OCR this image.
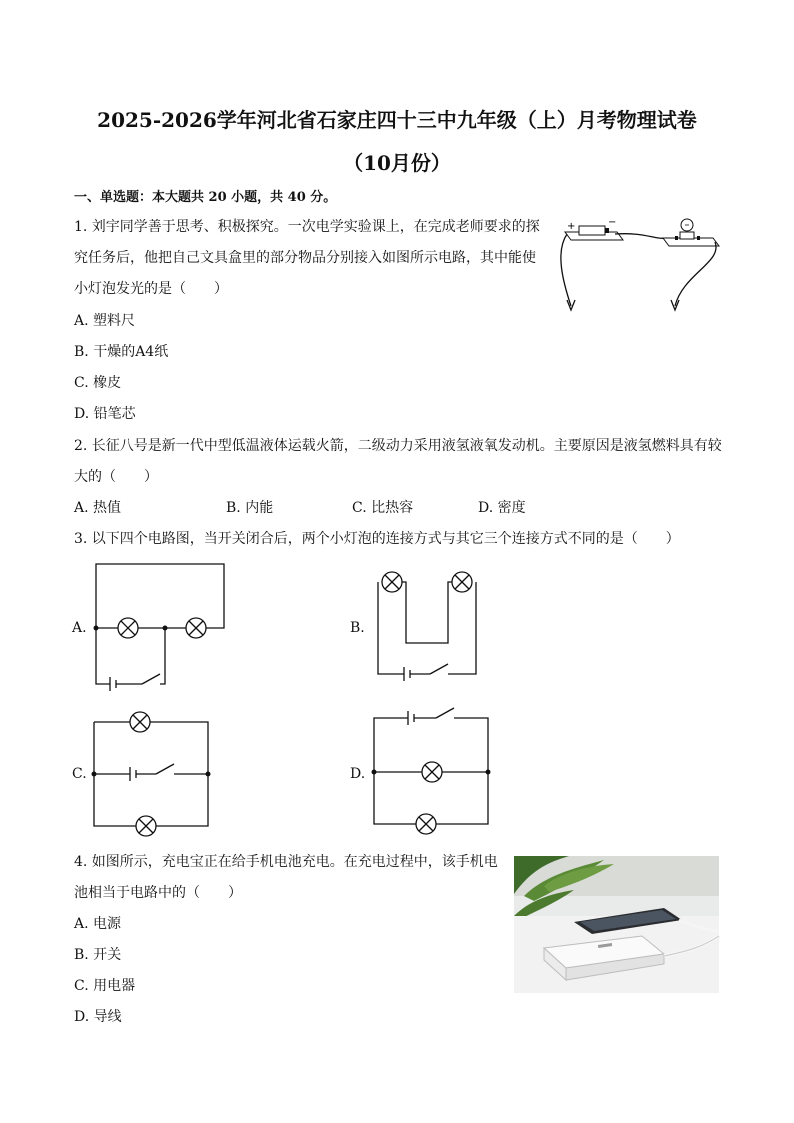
2025-2026学年河北省石家庄四十三中九年级（上）月考物理试卷
（10月份）
一、单选题：本大题共 20 小题，共 40 分。
1. 刘宇同学善于思考、积极探究。一次电学实验课上，在完成老师要求的探
究任务后，他把自己文具盒里的部分物品分别接入如图所示电路，其中能使
小灯泡发光的是（　　）
A. 塑料尺
B. 干燥的A4纸
C. 橡皮
D. 铅笔芯
+	−
2. 长征八号是新一代中型低温液体运载火箭，二级动力采用液氢液氧发动机。主要原因是液氢燃料具有较
大的（　　）
A. 热值	B. 内能	C. 比热容	D. 密度
3. 以下四个电路图，当开关闭合后，两个小灯泡的连接方式与其它三个连接方式不同的是（　　）
A.	B.
C.	D.
4. 如图所示，充电宝正在给手机电池充电。在充电过程中，该手机电
池相当于电路中的（　　）
A. 电源
B. 开关
C. 用电器
D. 导线
